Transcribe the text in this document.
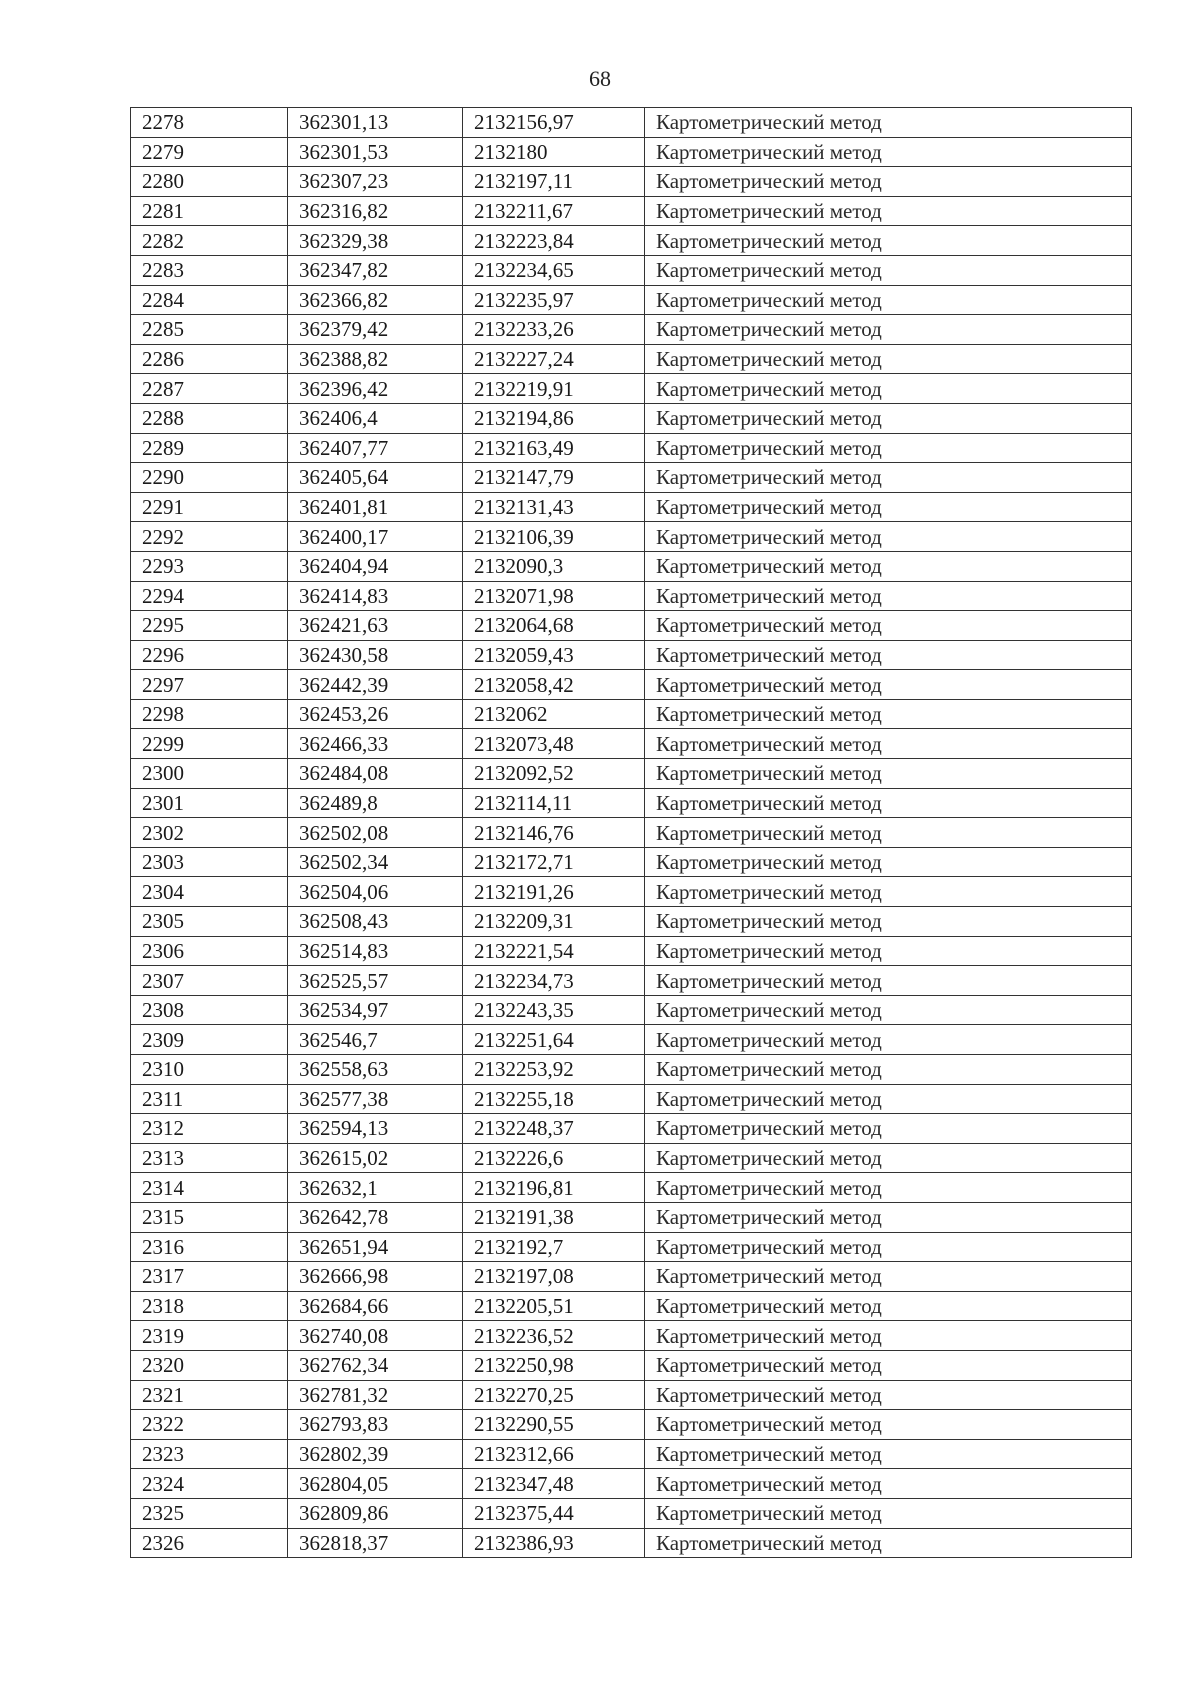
68
2278	362301,13	2132156,97	Картометрический метод
2279	362301,53	2132180	Картометрический метод
2280	362307,23	2132197,11	Картометрический метод
2281	362316,82	2132211,67	Картометрический метод
2282	362329,38	2132223,84	Картометрический метод
2283	362347,82	2132234,65	Картометрический метод
2284	362366,82	2132235,97	Картометрический метод
2285	362379,42	2132233,26	Картометрический метод
2286	362388,82	2132227,24	Картометрический метод
2287	362396,42	2132219,91	Картометрический метод
2288	362406,4	2132194,86	Картометрический метод
2289	362407,77	2132163,49	Картометрический метод
2290	362405,64	2132147,79	Картометрический метод
2291	362401,81	2132131,43	Картометрический метод
2292	362400,17	2132106,39	Картометрический метод
2293	362404,94	2132090,3	Картометрический метод
2294	362414,83	2132071,98	Картометрический метод
2295	362421,63	2132064,68	Картометрический метод
2296	362430,58	2132059,43	Картометрический метод
2297	362442,39	2132058,42	Картометрический метод
2298	362453,26	2132062	Картометрический метод
2299	362466,33	2132073,48	Картометрический метод
2300	362484,08	2132092,52	Картометрический метод
2301	362489,8	2132114,11	Картометрический метод
2302	362502,08	2132146,76	Картометрический метод
2303	362502,34	2132172,71	Картометрический метод
2304	362504,06	2132191,26	Картометрический метод
2305	362508,43	2132209,31	Картометрический метод
2306	362514,83	2132221,54	Картометрический метод
2307	362525,57	2132234,73	Картометрический метод
2308	362534,97	2132243,35	Картометрический метод
2309	362546,7	2132251,64	Картометрический метод
2310	362558,63	2132253,92	Картометрический метод
2311	362577,38	2132255,18	Картометрический метод
2312	362594,13	2132248,37	Картометрический метод
2313	362615,02	2132226,6	Картометрический метод
2314	362632,1	2132196,81	Картометрический метод
2315	362642,78	2132191,38	Картометрический метод
2316	362651,94	2132192,7	Картометрический метод
2317	362666,98	2132197,08	Картометрический метод
2318	362684,66	2132205,51	Картометрический метод
2319	362740,08	2132236,52	Картометрический метод
2320	362762,34	2132250,98	Картометрический метод
2321	362781,32	2132270,25	Картометрический метод
2322	362793,83	2132290,55	Картометрический метод
2323	362802,39	2132312,66	Картометрический метод
2324	362804,05	2132347,48	Картометрический метод
2325	362809,86	2132375,44	Картометрический метод
2326	362818,37	2132386,93	Картометрический метод
